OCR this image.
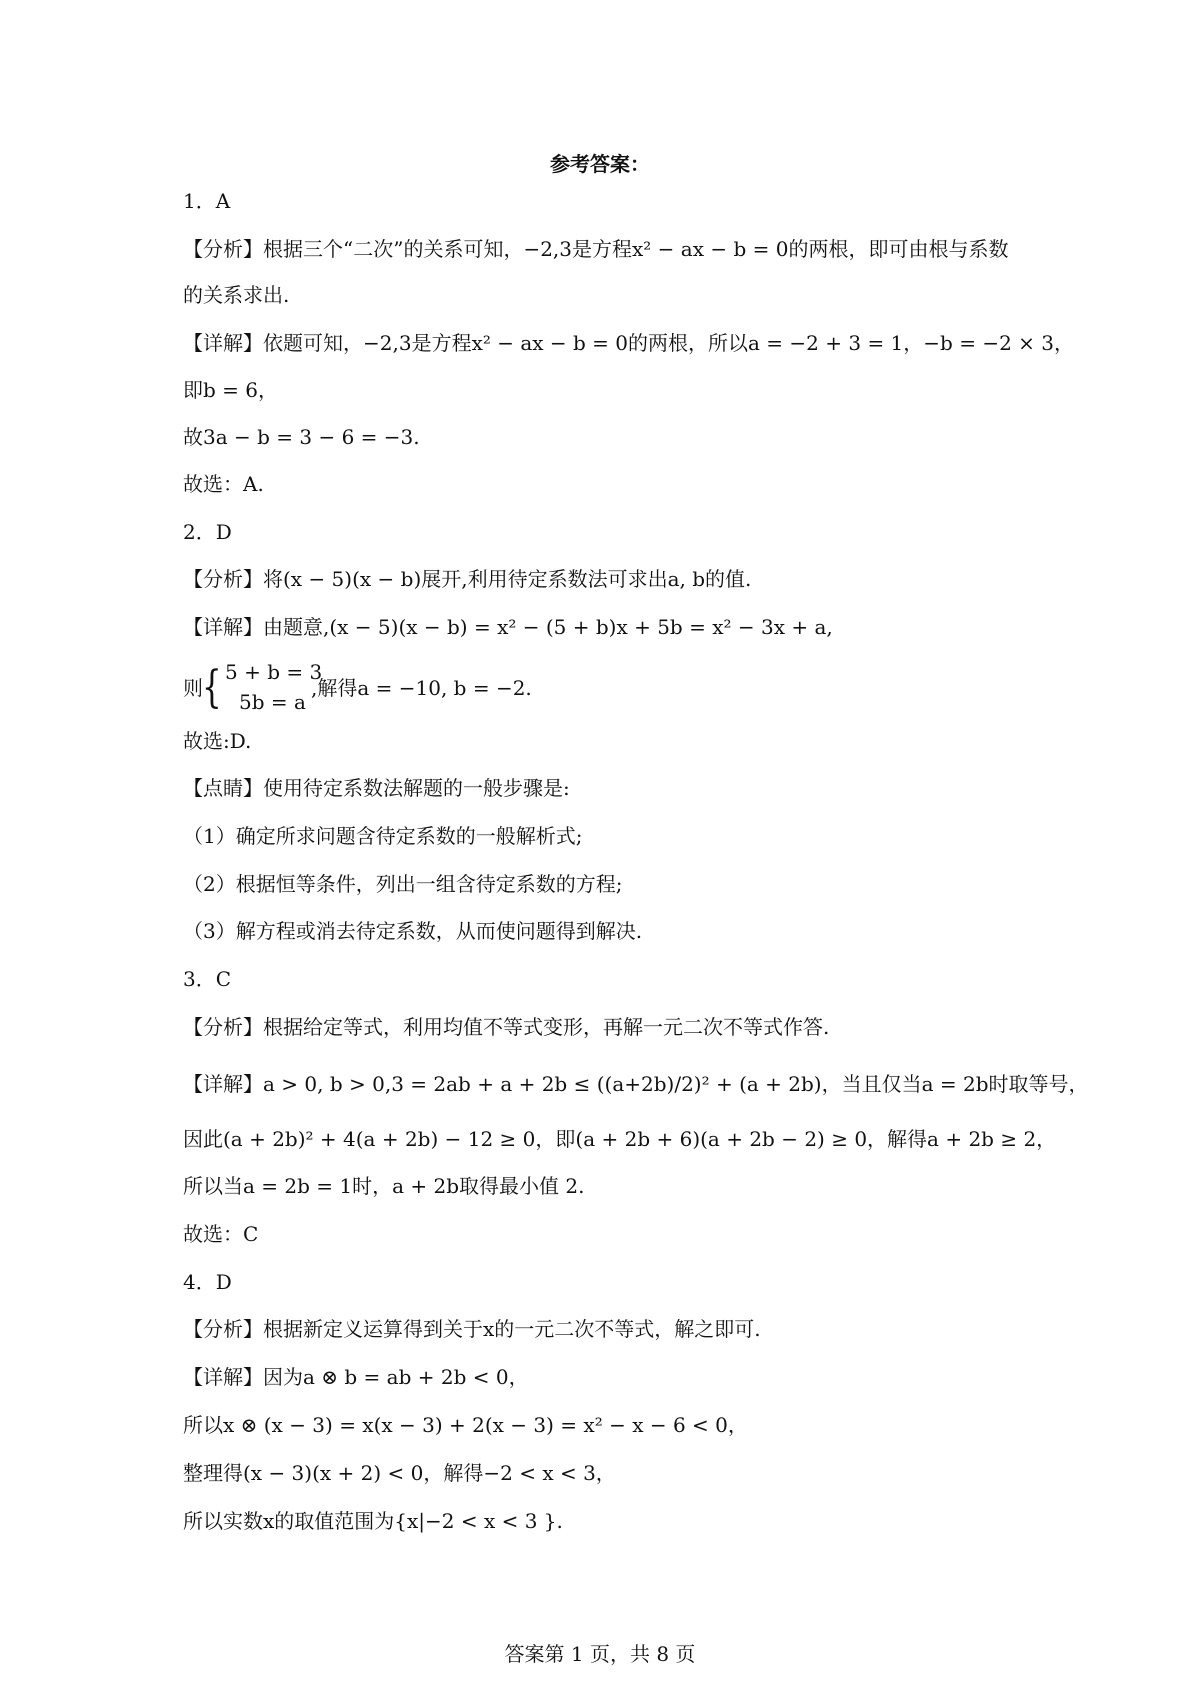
参考答案：
1．A
【分析】根据三个“二次”的关系可知，−2,3是方程x² − ax − b = 0的两根，即可由根与系数
的关系求出.
【详解】依题可知，−2,3是方程x² − ax − b = 0的两根，所以a = −2 + 3 = 1，−b = −2 × 3，
即b = 6，
故3a − b = 3 − 6 = −3.
故选：A.
2．D
【分析】将(x − 5)(x − b)展开,利用待定系数法可求出a, b的值.
【详解】由题意,(x − 5)(x − b) = x² − (5 + b)x + 5b = x² − 3x + a,
则 { 5 + b = 3
5b = a
,解得a = −10, b = −2.
故选:D.
【点睛】使用待定系数法解题的一般步骤是:
（1）确定所求问题含待定系数的一般解析式;
（2）根据恒等条件，列出一组含待定系数的方程;
（3）解方程或消去待定系数，从而使问题得到解决.
3．C
【分析】根据给定等式，利用均值不等式变形，再解一元二次不等式作答.
【详解】a > 0, b > 0,3 = 2ab + a + 2b ≤ ((a+2b)/2)² + (a + 2b)，当且仅当a = 2b时取等号，
因此(a + 2b)² + 4(a + 2b) − 12 ≥ 0，即(a + 2b + 6)(a + 2b − 2) ≥ 0，解得a + 2b ≥ 2，
所以当a = 2b = 1时，a + 2b取得最小值 2.
故选：C
4．D
【分析】根据新定义运算得到关于x的一元二次不等式，解之即可.
【详解】因为a ⊗ b = ab + 2b < 0，
所以x ⊗ (x − 3) = x(x − 3) + 2(x − 3) = x² − x − 6 < 0，
整理得(x − 3)(x + 2) < 0，解得−2 < x < 3，
所以实数x的取值范围为{x|−2 < x < 3 }.
答案第 1 页，共 8 页
